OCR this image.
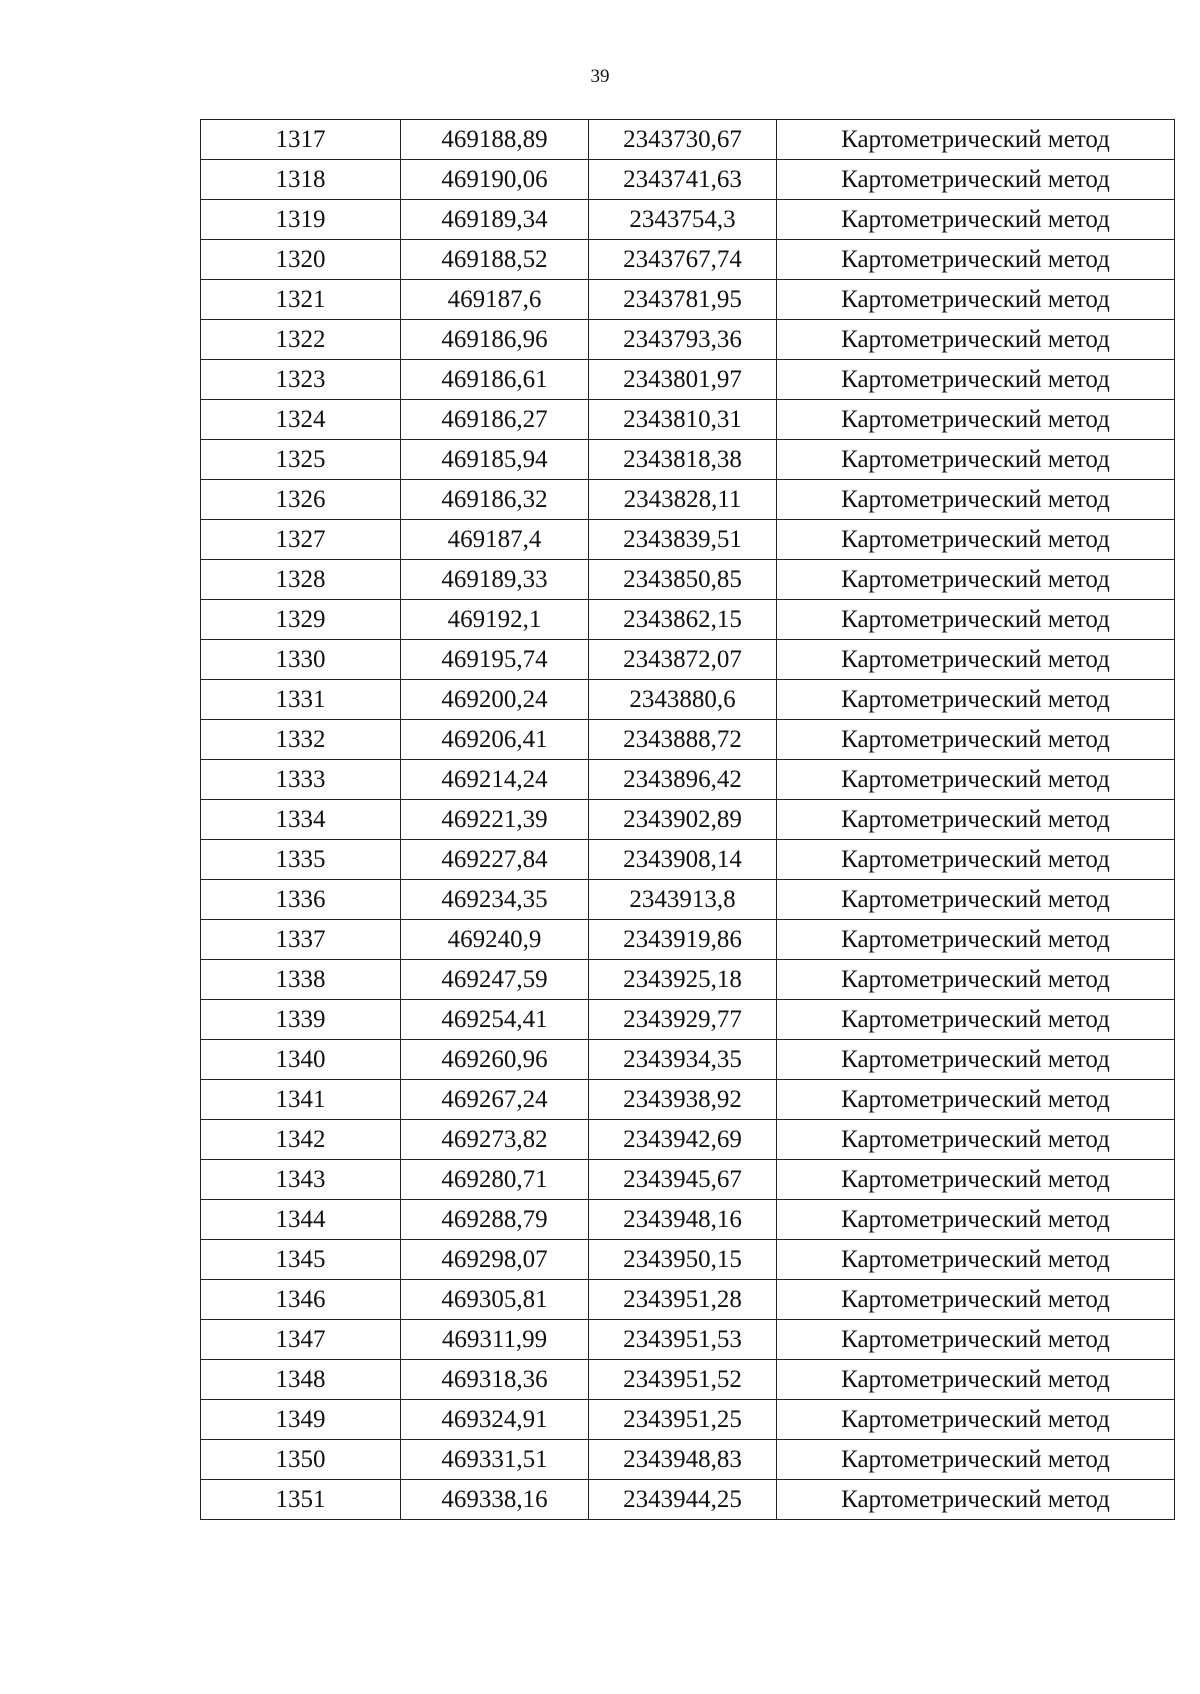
39
1317	469188,89	2343730,67	Картометрический метод
1318	469190,06	2343741,63	Картометрический метод
1319	469189,34	2343754,3	Картометрический метод
1320	469188,52	2343767,74	Картометрический метод
1321	469187,6	2343781,95	Картометрический метод
1322	469186,96	2343793,36	Картометрический метод
1323	469186,61	2343801,97	Картометрический метод
1324	469186,27	2343810,31	Картометрический метод
1325	469185,94	2343818,38	Картометрический метод
1326	469186,32	2343828,11	Картометрический метод
1327	469187,4	2343839,51	Картометрический метод
1328	469189,33	2343850,85	Картометрический метод
1329	469192,1	2343862,15	Картометрический метод
1330	469195,74	2343872,07	Картометрический метод
1331	469200,24	2343880,6	Картометрический метод
1332	469206,41	2343888,72	Картометрический метод
1333	469214,24	2343896,42	Картометрический метод
1334	469221,39	2343902,89	Картометрический метод
1335	469227,84	2343908,14	Картометрический метод
1336	469234,35	2343913,8	Картометрический метод
1337	469240,9	2343919,86	Картометрический метод
1338	469247,59	2343925,18	Картометрический метод
1339	469254,41	2343929,77	Картометрический метод
1340	469260,96	2343934,35	Картометрический метод
1341	469267,24	2343938,92	Картометрический метод
1342	469273,82	2343942,69	Картометрический метод
1343	469280,71	2343945,67	Картометрический метод
1344	469288,79	2343948,16	Картометрический метод
1345	469298,07	2343950,15	Картометрический метод
1346	469305,81	2343951,28	Картометрический метод
1347	469311,99	2343951,53	Картометрический метод
1348	469318,36	2343951,52	Картометрический метод
1349	469324,91	2343951,25	Картометрический метод
1350	469331,51	2343948,83	Картометрический метод
1351	469338,16	2343944,25	Картометрический метод
